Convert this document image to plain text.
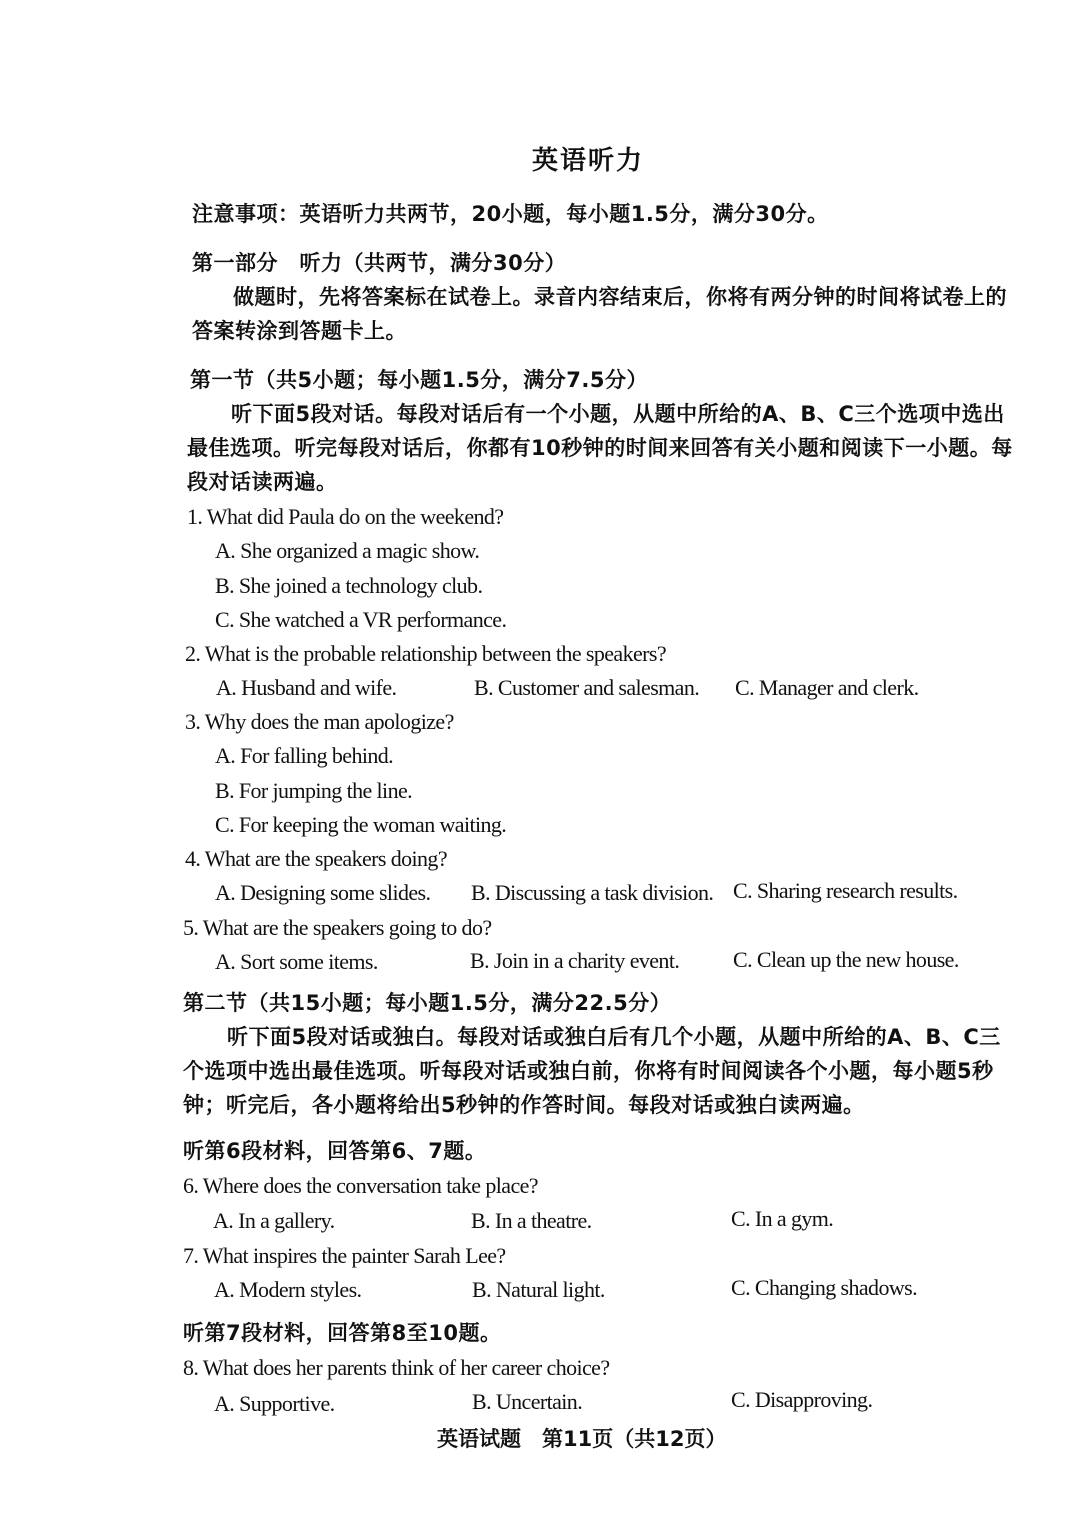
英语听力
注意事项：英语听力共两节，20小题，每小题1.5分，满分30分。
第一部分　听力（共两节，满分30分）
做题时，先将答案标在试卷上。录音内容结束后，你将有两分钟的时间将试卷上的
答案转涂到答题卡上。
第一节（共5小题；每小题1.5分，满分7.5分）
听下面5段对话。每段对话后有一个小题，从题中所给的A、B、C三个选项中选出
最佳选项。听完每段对话后，你都有10秒钟的时间来回答有关小题和阅读下一小题。每
段对话读两遍。
1. What did Paula do on the weekend?
A. She organized a magic show.
B. She joined a technology club.
C. She watched a VR performance.
2. What is the probable relationship between the speakers?
A. Husband and wife.	B. Customer and salesman. C. Manager and clerk.
3. Why does the man apologize?
A. For falling behind.
B. For jumping the line.
C. For keeping the woman waiting.
4. What are the speakers doing?
A. Designing some slides. B. Discussing a task division. C. Sharing research results.
5. What are the speakers going to do?
A. Sort some items.	B. Join in a charity event. C. Clean up the new house.
第二节（共15小题；每小题1.5分，满分22.5分）
听下面5段对话或独白。每段对话或独白后有几个小题，从题中所给的A、B、C三
个选项中选出最佳选项。听每段对话或独白前，你将有时间阅读各个小题，每小题5秒
钟；听完后，各小题将给出5秒钟的作答时间。每段对话或独白读两遍。
听第6段材料，回答第6、7题。
6. Where does the conversation take place?
A. In a gallery.	B. In a theatre.	C. In a gym.
7. What inspires the painter Sarah Lee?
A. Modern styles.	B. Natural light.	C. Changing shadows.
听第7段材料，回答第8至10题。
8. What does her parents think of her career choice?
A. Supportive.	B. Uncertain.	C. Disapproving.
英语试题　第11页（共12页）
